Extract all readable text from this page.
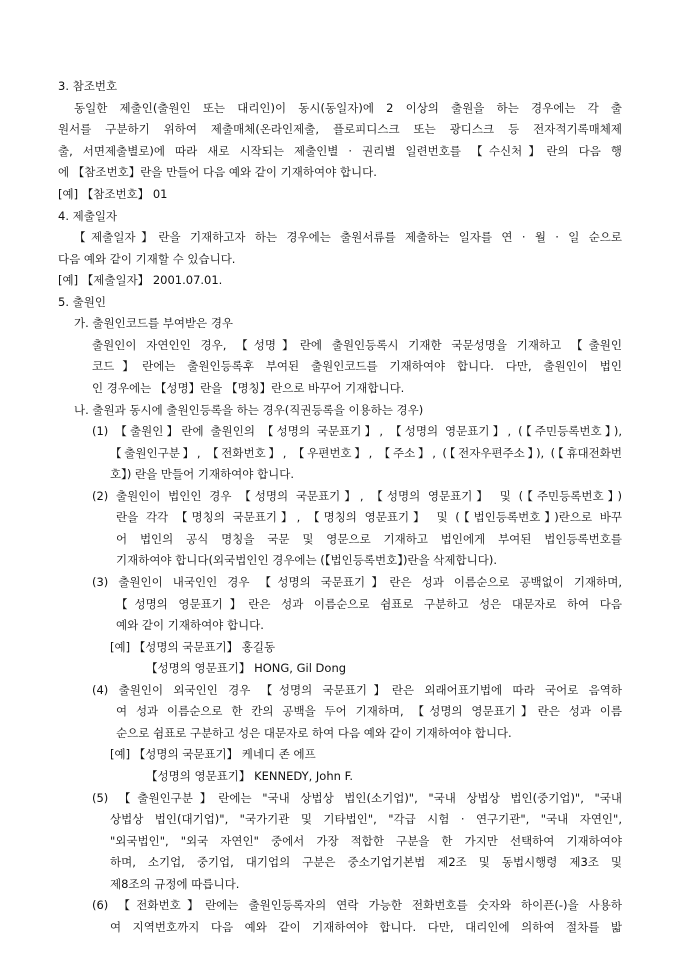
3. 참조번호
동일한 제출인(출원인 또는 대리인)이 동시(동일자)에 2 이상의 출원을 하는 경우에는 각 출
원서를 구분하기 위하여 제출매체(온라인제출, 플로피디스크 또는 광디스크 등 전자적기록매체제
출, 서면제출별로)에 따라 새로 시작되는 제출인별 · 권리별 일련번호를 【수신처】란의 다음 행
에 【참조번호】란을 만들어 다음 예와 같이 기재하여야 합니다.
[예] 【참조번호】 01
4. 제출일자
【제출일자】란을 기재하고자 하는 경우에는 출원서류를 제출하는 일자를 연 · 월 · 일 순으로
다음 예와 같이 기재할 수 있습니다.
[예] 【제출일자】 2001.07.01.
5. 출원인
가. 출원인코드를 부여받은 경우
출원인이 자연인인 경우, 【성명】란에 출원인등록시 기재한 국문성명을 기재하고 【출원인
코드】란에는 출원인등록후 부여된 출원인코드를 기재하여야 합니다. 다만, 출원인이 법인
인 경우에는 【성명】란을 【명칭】란으로 바꾸어 기재합니다.
나. 출원과 동시에 출원인등록을 하는 경우(직권등록을 이용하는 경우)
(1) 【출원인】란에 출원인의 【성명의 국문표기】, 【성명의 영문표기】, (【주민등록번호】),
【출원인구분】, 【전화번호】, 【우편번호】, 【주소】, (【전자우편주소】), (【휴대전화번
호】) 란을 만들어 기재하여야 합니다.
(2) 출원인이 법인인 경우 【성명의 국문표기】, 【성명의 영문표기】 및 (【주민등록번호】)
란을 각각 【명칭의 국문표기】, 【명칭의 영문표기】 및 (【법인등록번호】)란으로 바꾸
어 법인의 공식 명칭을 국문 및 영문으로 기재하고 법인에게 부여된 법인등록번호를
기재하여야 합니다(외국법인인 경우에는 (【법인등록번호】)란을 삭제합니다).
(3) 출원인이 내국인인 경우 【성명의 국문표기】란은 성과 이름순으로 공백없이 기재하며,
【성명의 영문표기】란은 성과 이름순으로 쉼표로 구분하고 성은 대문자로 하여 다음
예와 같이 기재하여야 합니다.
[예] 【성명의 국문표기】 홍길동
【성명의 영문표기】 HONG, Gil Dong
(4) 출원인이 외국인인 경우 【성명의 국문표기】란은 외래어표기법에 따라 국어로 음역하
여 성과 이름순으로 한 칸의 공백을 두어 기재하며, 【성명의 영문표기】란은 성과 이름
순으로 쉼표로 구분하고 성은 대문자로 하여 다음 예와 같이 기재하여야 합니다.
[예] 【성명의 국문표기】 케네디 존 에프
【성명의 영문표기】 KENNEDY, John F.
(5) 【출원인구분】란에는 "국내 상법상 법인(소기업)", "국내 상법상 법인(중기업)", "국내
상법상 법인(대기업)", "국가기관 및 기타법인", "각급 시험 · 연구기관", "국내 자연인",
"외국법인", "외국 자연인" 중에서 가장 적합한 구분을 한 가지만 선택하여 기재하여야
하며, 소기업, 중기업, 대기업의 구분은 중소기업기본법 제2조 및 동법시행령 제3조 및
제8조의 규정에 따릅니다.
(6) 【전화번호】란에는 출원인등록자의 연락 가능한 전화번호를 숫자와 하이픈(-)을 사용하
여 지역번호까지 다음 예와 같이 기재하여야 합니다. 다만, 대리인에 의하여 절차를 밟
